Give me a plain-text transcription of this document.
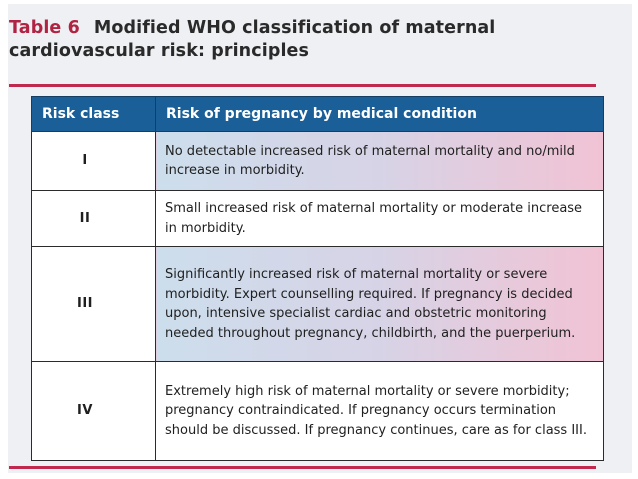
Table 6 Modified WHO classification of maternal
cardiovascular risk: principles
Risk class	Risk of pregnancy by medical condition
I	No detectable increased risk of maternal mortality and no/mild increase in morbidity.
II	Small increased risk of maternal mortality or moderate increase in morbidity.
III	Significantly increased risk of maternal mortality or severe morbidity. Expert counselling required. If pregnancy is decided upon, intensive specialist cardiac and obstetric monitoring needed throughout pregnancy, childbirth, and the puerperium.
IV	Extremely high risk of maternal mortality or severe morbidity; pregnancy contraindicated. If pregnancy occurs termination should be discussed. If pregnancy continues, care as for class III.
